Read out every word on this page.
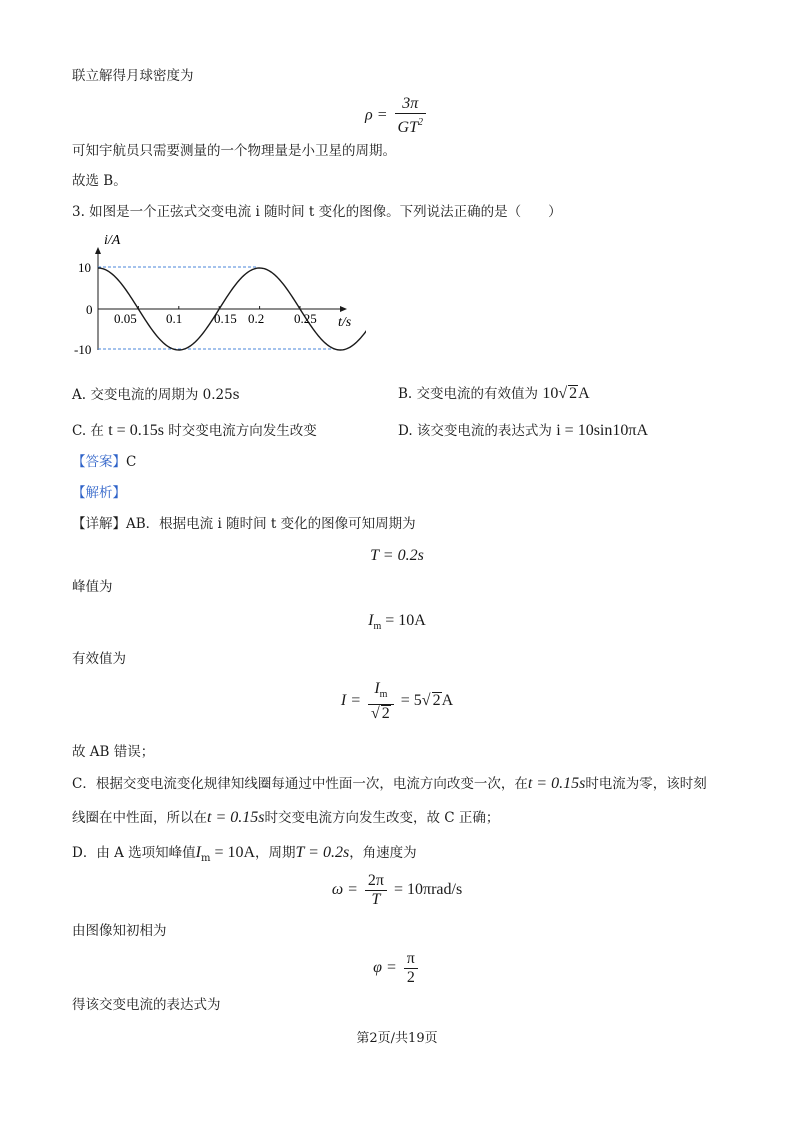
联立解得月球密度为
$\rho = \frac{3\pi}{GT^2}$
可知宇航员只需要测量的一个物理量是小卫星的周期。
故选 B。
3. 如图是一个正弦式交变电流 i 随时间 t 变化的图像。下列说法正确的是（　　）
i/A
t/s
10
0
-10
0.05 0.1 0.15 0.2 0.25
A. 交变电流的周期为 0.25s	B. 交变电流的有效值为 10√ 2A
C. 在 t = 0.15s 时交变电流方向发生改变	D. 该交变电流的表达式为 i = 10sin10πA
【答案】C
【解析】
【详解】AB．根据电流 i 随时间 t 变化的图像可知周期为
T = 0.2s
峰值为
$I_m = 10A$
有效值为
$I = \frac{I_m}{√ 2} = 5√$ 2A
故 AB 错误；
C．根据交变电流变化规律知线圈每通过中性面一次，电流方向改变一次，在t = 0.15s时电流为零，该时刻
线圈在中性面，所以在t = 0.15s时交变电流方向发生改变，故 C 正确；
D．由 A 选项知峰值$I_m = 10A$，周期T = 0.2s，角速度为
$\omega = \frac{2\pi}{T} = 10\pi rad/s$
由图像知初相为
$\varphi = \frac{\pi}{2}$
得该交变电流的表达式为
第2页/共19页
